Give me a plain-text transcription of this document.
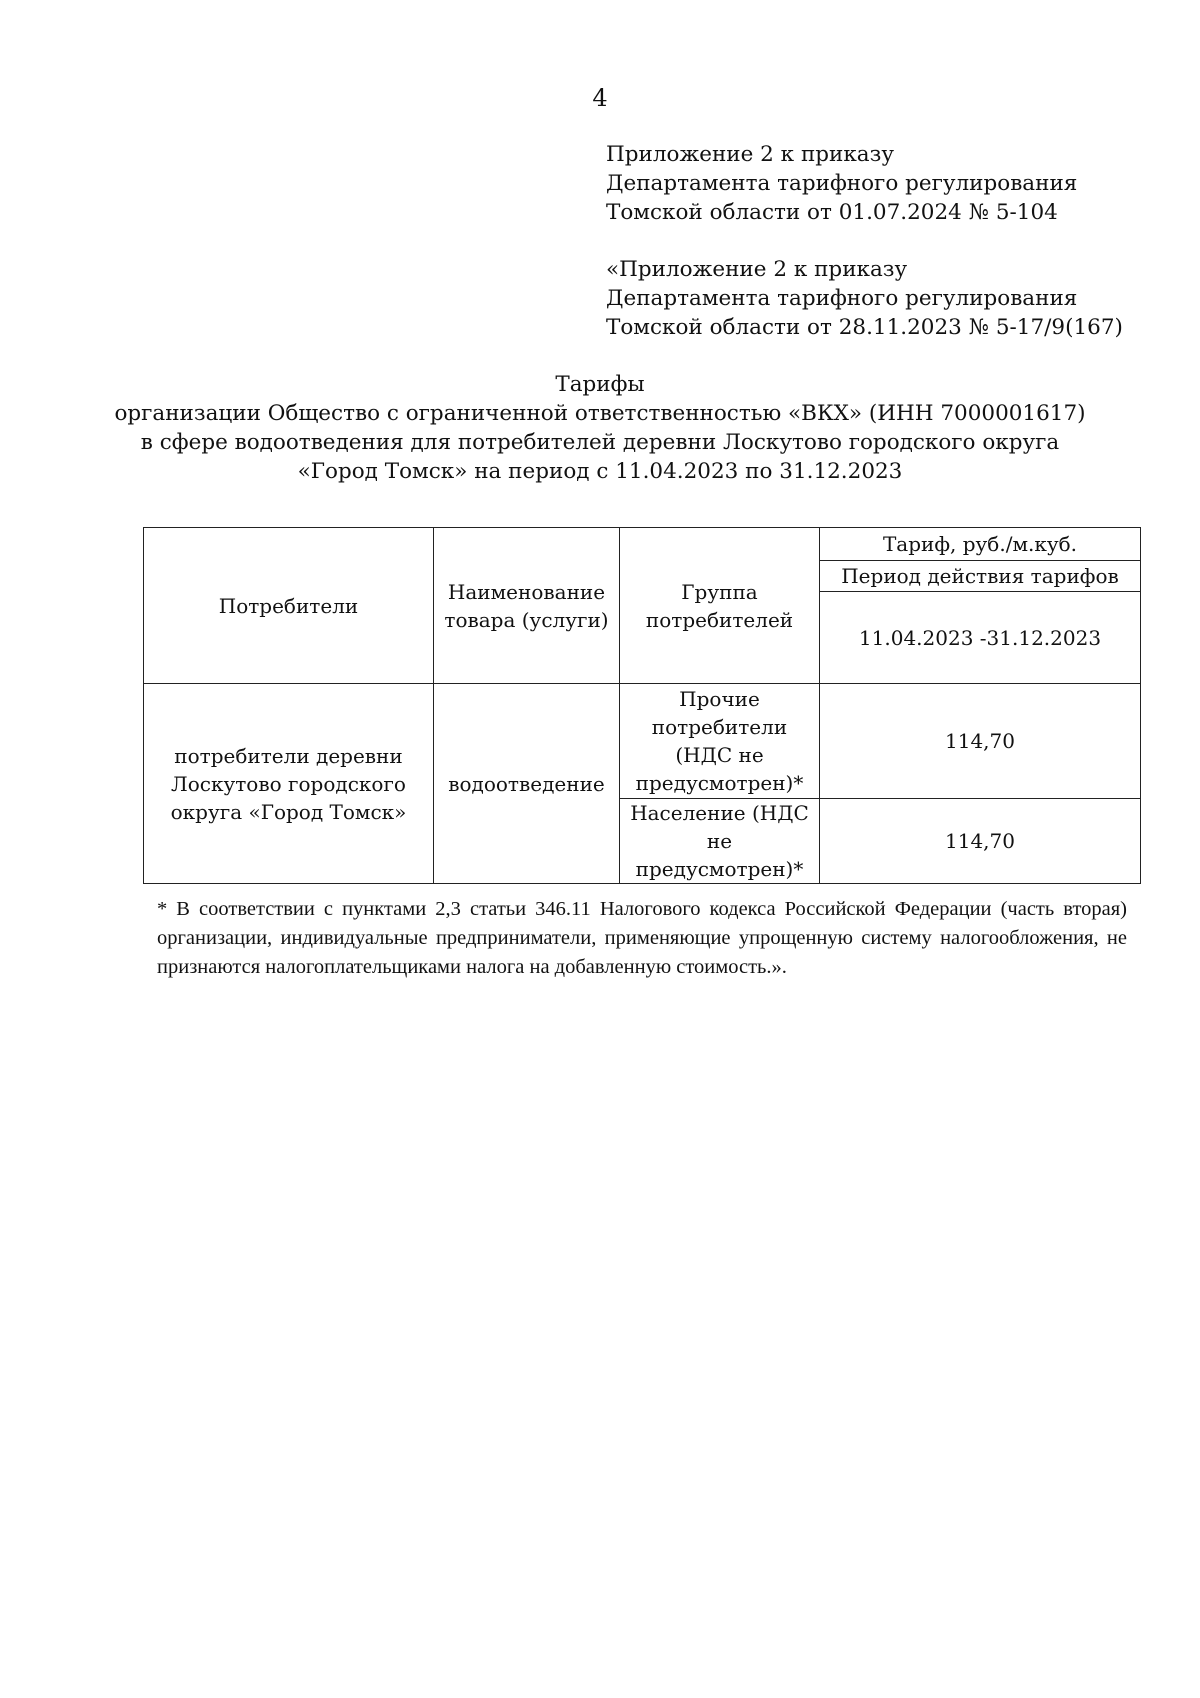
4
Приложение 2 к приказу
Департамента тарифного регулирования
Томской области от 01.07.2024 № 5-104
«Приложение 2 к приказу
Департамента тарифного регулирования
Томской области от 28.11.2023 № 5-17/9(167)
Тарифы
организации Общество с ограниченной ответственностью «ВКХ» (ИНН 7000001617)
в сфере водоотведения для потребителей деревни Лоскутово городского округа
«Город Томск» на период с 11.04.2023 по 31.12.2023
Потребители	Наименование товара (услуги)	Группа потребителей	Тариф, руб./м.куб.
			Период действия тарифов
			11.04.2023 -31.12.2023
потребители деревни Лоскутово городского округа «Город Томск»	водоотведение	Прочие потребители (НДС не предусмотрен)*	114,70
		Население (НДС не предусмотрен)*	114,70
* В соответствии с пунктами 2,3 статьи 346.11 Налогового кодекса Российской Федерации (часть вторая) организации, индивидуальные предприниматели, применяющие упрощенную систему налогообложения, не признаются налогоплательщиками налога на добавленную стоимость.».
